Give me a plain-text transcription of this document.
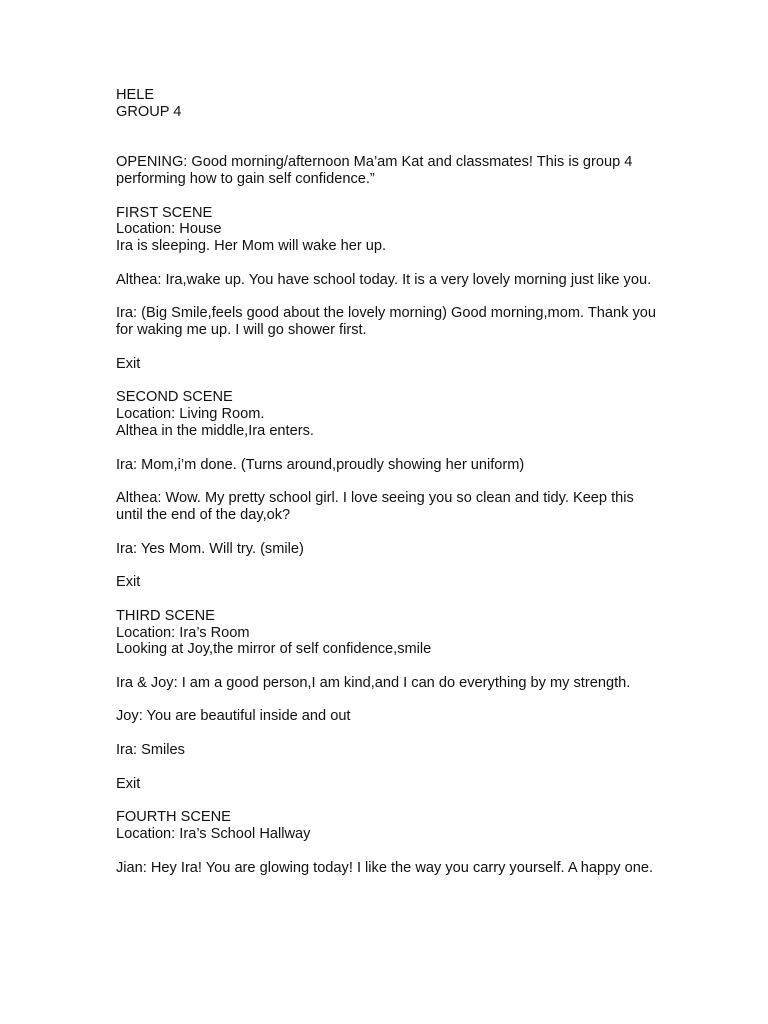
HELE
GROUP 4
OPENING: Good morning/afternoon Ma’am Kat and classmates! This is group 4 performing how to gain self confidence.”
FIRST SCENE
Location: House
Ira is sleeping. Her Mom will wake her up.
Althea: Ira,wake up. You have school today. It is a very lovely morning just like you.
Ira: (Big Smile,feels good about the lovely morning) Good morning,mom. Thank you for waking me up. I will go shower first.
Exit
SECOND SCENE
Location: Living Room.
Althea in the middle,Ira enters.
Ira: Mom,i’m done. (Turns around,proudly showing her uniform)
Althea: Wow. My pretty school girl. I love seeing you so clean and tidy. Keep this until the end of the day,ok?
Ira: Yes Mom. Will try. (smile)
Exit
THIRD SCENE
Location: Ira’s Room
Looking at Joy,the mirror of self confidence,smile
Ira & Joy: I am a good person,I am kind,and I can do everything by my strength.
Joy: You are beautiful inside and out
Ira: Smiles
Exit
FOURTH SCENE
Location: Ira’s School Hallway
Jian: Hey Ira! You are glowing today! I like the way you carry yourself. A happy one.
